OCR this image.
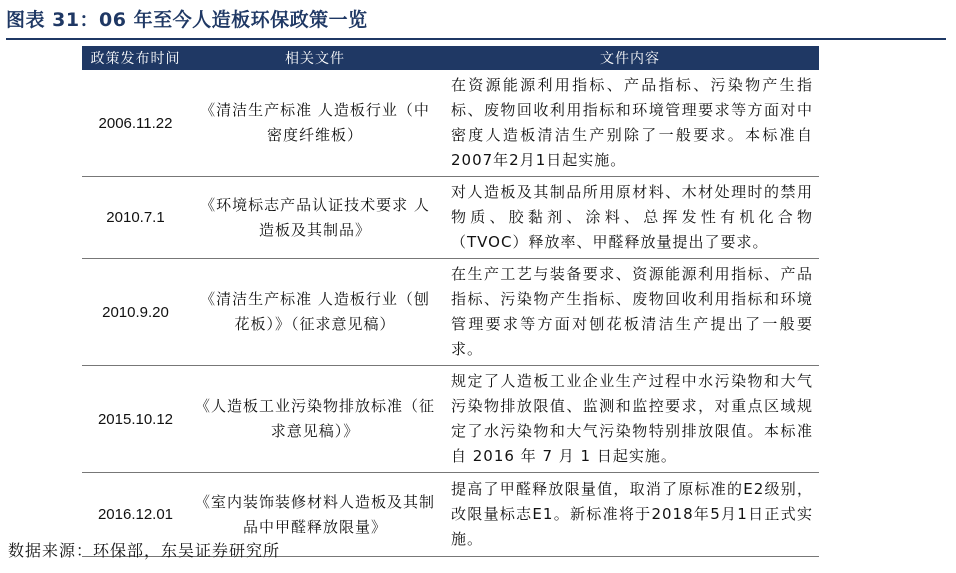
图表 31：06 年至今人造板环保政策一览
政策发布时间	相关文件	文件内容
2006.11.22	《清洁生产标准 人造板行业（中密度纤维板）	在资源能源利用指标、产品指标、污染物产生指标、废物回收利用指标和环境管理要求等方面对中密度人造板清洁生产别除了一般要求。本标准自2007年2月1日起实施。
2010.7.1	《环境标志产品认证技术要求 人造板及其制品》	对人造板及其制品所用原材料、木材处理时的禁用物质、胶黏剂、涂料、总挥发性有机化合物（TVOC）释放率、甲醛释放量提出了要求。
2010.9.20	《清洁生产标准 人造板行业（刨花板）》（征求意见稿）	在生产工艺与装备要求、资源能源利用指标、产品指标、污染物产生指标、废物回收利用指标和环境管理要求等方面对刨花板清洁生产提出了一般要求。
2015.10.12	《人造板工业污染物排放标准（征求意见稿）》	规定了人造板工业企业生产过程中水污染物和大气污染物排放限值、监测和监控要求，对重点区域规定了水污染物和大气污染物特别排放限值。本标准自 2016 年 7 月 1 日起实施。
2016.12.01	《室内装饰装修材料人造板及其制品中甲醛释放限量》	提高了甲醛释放限量值，取消了原标准的E2级别，改限量标志E1。新标准将于2018年5月1日正式实施。
数据来源：环保部，东吴证券研究所
